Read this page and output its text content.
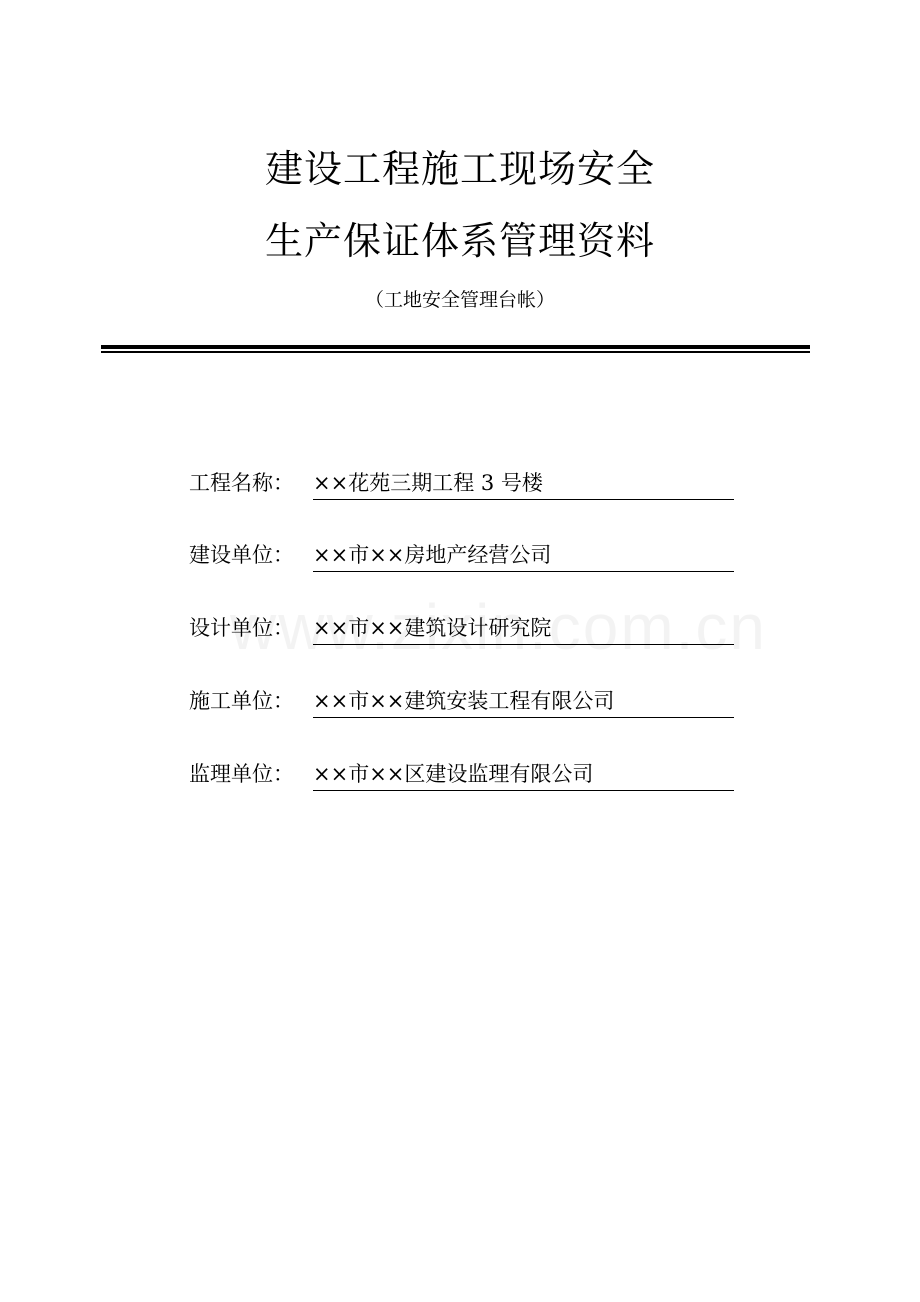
建设工程施工现场安全
生产保证体系管理资料
（工地安全管理台帐）
工程名称： ××花苑三期工程 3 号楼
建设单位： ××市××房地产经营公司
设计单位： ××市××建筑设计研究院
施工单位： ××市××建筑安装工程有限公司
监理单位： ××市××区建设监理有限公司
